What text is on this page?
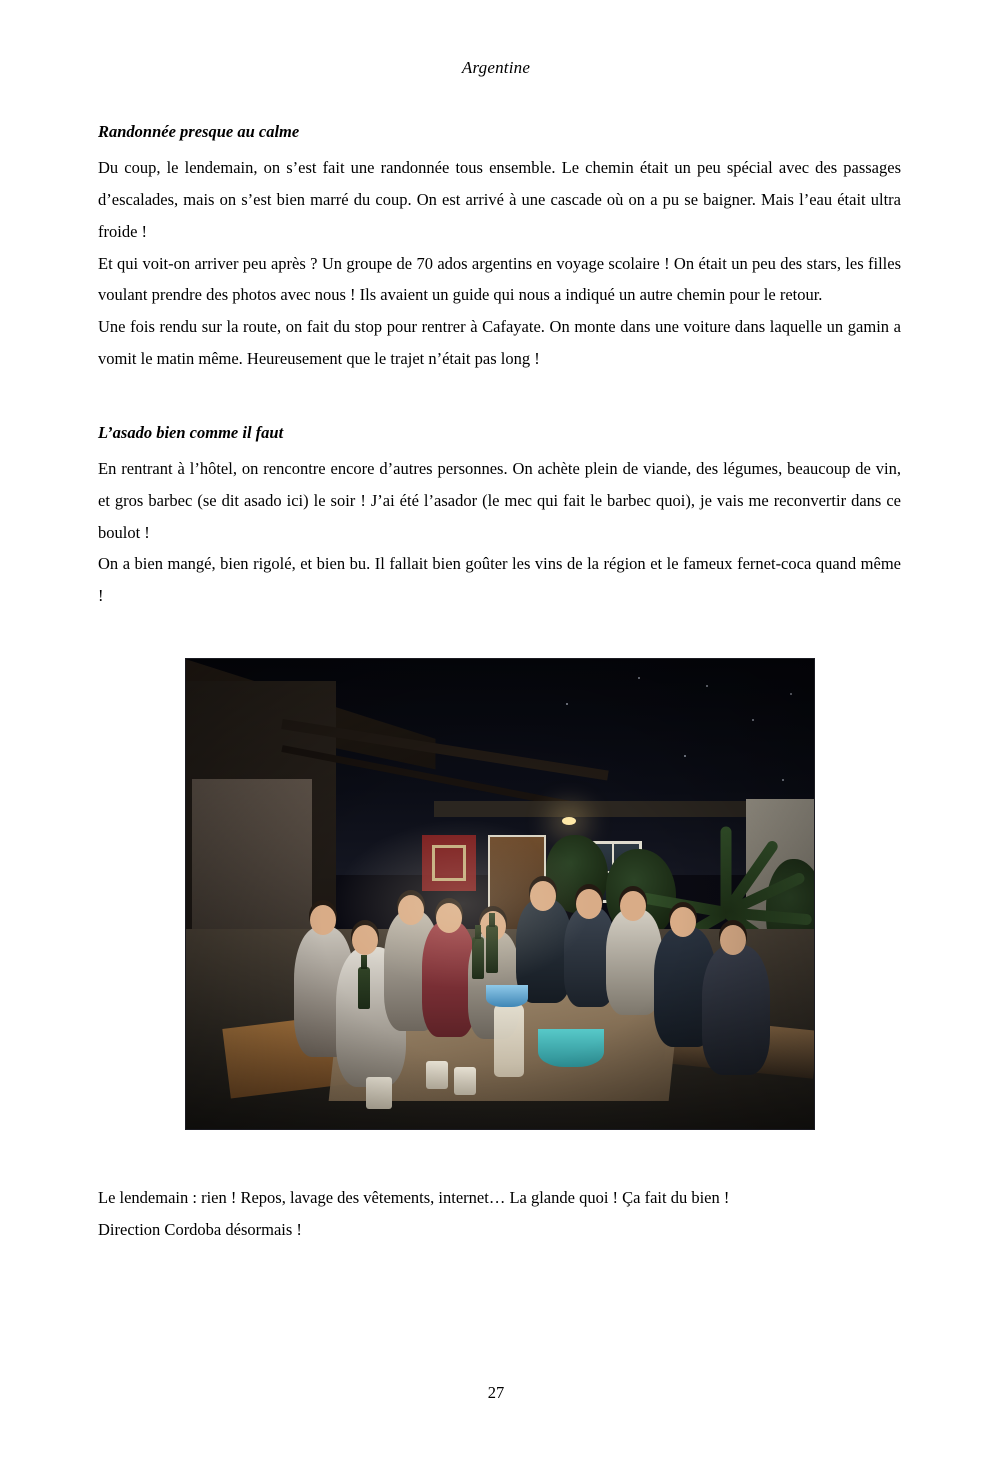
Argentine
Randonnée presque au calme

Du coup, le lendemain, on s’est fait une randonnée tous ensemble. Le chemin était un peu spécial avec des passages d’escalades, mais on s’est bien marré du coup. On est arrivé à une cascade où on a pu se baigner. Mais l’eau était ultra froide !

Et qui voit-on arriver peu après ? Un groupe de 70 ados argentins en voyage scolaire ! On était un peu des stars, les filles voulant prendre des photos avec nous ! Ils avaient un guide qui nous a indiqué un autre chemin pour le retour.

Une fois rendu sur la route, on fait du stop pour rentrer à Cafayate. On monte dans une voiture dans laquelle un gamin a vomit le matin même. Heureusement que le trajet n’était pas long !

L’asado bien comme il faut

En rentrant à l’hôtel, on rencontre encore d’autres personnes. On achète plein de viande, des légumes, beaucoup de vin, et gros barbec (se dit asado ici) le soir ! J’ai été l’asador (le mec qui fait le barbec quoi), je vais me reconvertir dans ce boulot !

On a bien mangé, bien rigolé, et bien bu. Il fallait bien goûter les vins de la région et le fameux fernet-coca quand même !

Le lendemain : rien ! Repos, lavage des vêtements, internet… La glande quoi ! Ça fait du bien !

Direction Cordoba désormais !

27
